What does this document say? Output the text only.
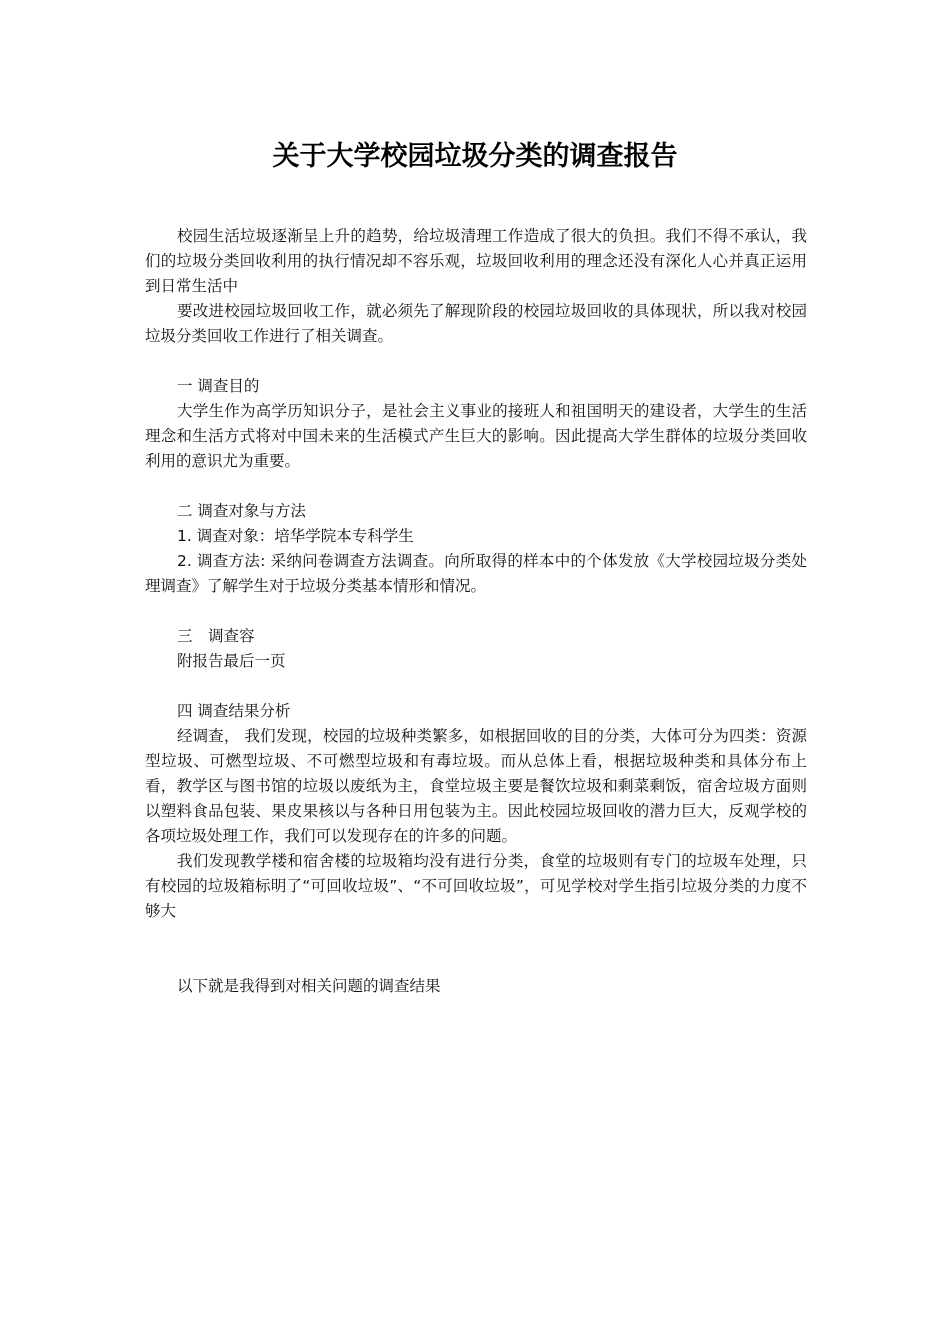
关于大学校园垃圾分类的调查报告

校园生活垃圾逐渐呈上升的趋势，给垃圾清理工作造成了很大的负担。我们不得不承认，我们的垃圾分类回收利用的执行情况却不容乐观，垃圾回收利用的理念还没有深化人心并真正运用到日常生活中

要改进校园垃圾回收工作，就必须先了解现阶段的校园垃圾回收的具体现状，所以我对校园垃圾分类回收工作进行了相关调查。

一 调查目的

大学生作为高学历知识分子，是社会主义事业的接班人和祖国明天的建设者，大学生的生活理念和生活方式将对中国未来的生活模式产生巨大的影响。因此提高大学生群体的垃圾分类回收利用的意识尤为重要。

二 调查对象与方法

1. 调查对象：培华学院本专科学生

2. 调查方法: 采纳问卷调查方法调查。向所取得的样本中的个体发放《大学校园垃圾分类处理调查》了解学生对于垃圾分类基本情形和情况。

三　调查容

附报告最后一页

四 调查结果分析

经调查， 我们发现，校园的垃圾种类繁多，如根据回收的目的分类，大体可分为四类：资源型垃圾、可燃型垃圾、不可燃型垃圾和有毒垃圾。而从总体上看，根据垃圾种类和具体分布上看，教学区与图书馆的垃圾以废纸为主，食堂垃圾主要是餐饮垃圾和剩菜剩饭，宿舍垃圾方面则以塑料食品包装、果皮果核以与各种日用包装为主。因此校园垃圾回收的潜力巨大，反观学校的各项垃圾处理工作，我们可以发现存在的许多的问题。

我们发现教学楼和宿舍楼的垃圾箱均没有进行分类，食堂的垃圾则有专门的垃圾车处理，只有校园的垃圾箱标明了“可回收垃圾”、“不可回收垃圾”，可见学校对学生指引垃圾分类的力度不够大

以下就是我得到对相关问题的调查结果
